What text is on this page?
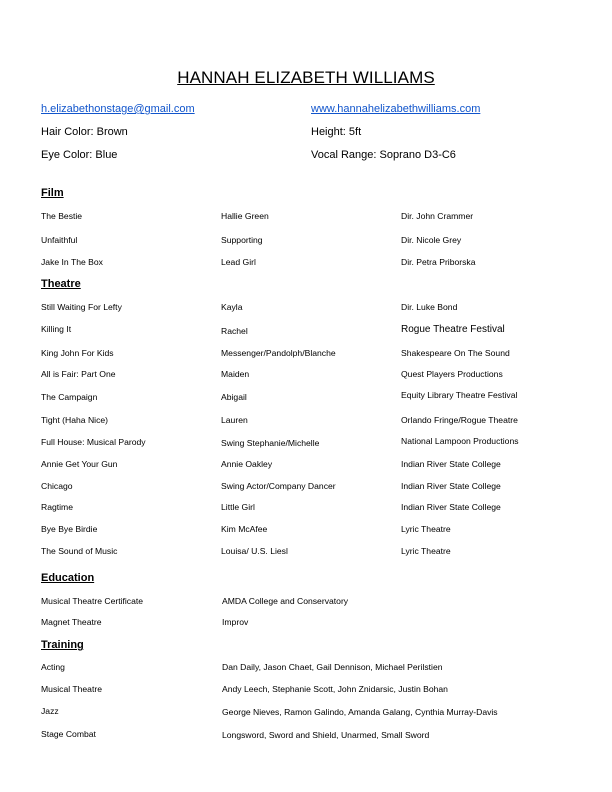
HANNAH ELIZABETH WILLIAMS
h.elizabethonstage@gmail.com	www.hannahelizabethwilliams.com
Hair Color: Brown	Height: 5ft
Eye Color: Blue	Vocal Range: Soprano D3-C6
Film
The Bestie	Hallie Green	Dir. John Crammer
Unfaithful	Supporting	Dir. Nicole Grey
Jake In The Box	Lead Girl	Dir. Petra Priborska
Theatre
Still Waiting For Lefty	Kayla	Dir. Luke Bond
Killing It	Rachel	Rogue Theatre Festival
King John For Kids	Messenger/Pandolph/Blanche	Shakespeare On The Sound
All is Fair: Part One	Maiden	Quest Players Productions
The Campaign	Abigail	Equity Library Theatre Festival
Tight (Haha Nice)	Lauren	Orlando Fringe/Rogue Theatre
Full House: Musical Parody	Swing Stephanie/Michelle	National Lampoon Productions
Annie Get Your Gun	Annie Oakley	Indian River State College
Chicago	Swing Actor/Company Dancer	Indian River State College
Ragtime	Little Girl	Indian River State College
Bye Bye Birdie	Kim McAfee	Lyric Theatre
The Sound of Music	Louisa/ U.S. Liesl	Lyric Theatre
Education
Musical Theatre Certificate	AMDA College and Conservatory
Magnet Theatre	Improv
Training
Acting	Dan Daily, Jason Chaet, Gail Dennison, Michael Perilstien
Musical Theatre	Andy Leech, Stephanie Scott, John Znidarsic, Justin Bohan
Jazz	George Nieves, Ramon Galindo, Amanda Galang, Cynthia Murray-Davis
Stage Combat	Longsword, Sword and Shield, Unarmed, Small Sword
